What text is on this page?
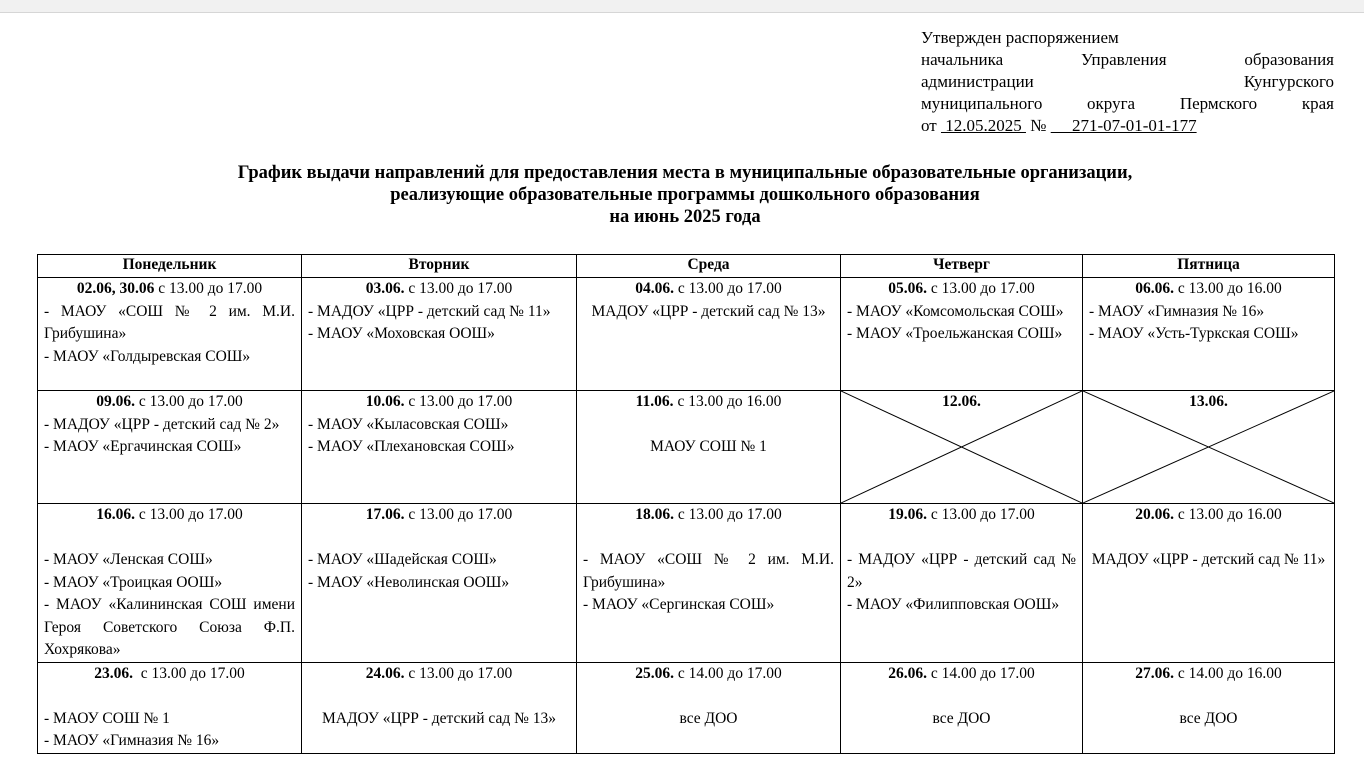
Утвержден распоряжением
начальника Управления образования
администрации Кунгурского
муниципального округа Пермского края
от  12.05.2025  №      271-07-01-01-177
График выдачи направлений для предоставления места в муниципальные образовательные организации,
реализующие образовательные программы дошкольного образования
на июнь 2025 года
Понедельник	Вторник	Среда	Четверг	Пятница

02.06, 30.06 с 13.00 до 17.00
- МАОУ «СОШ № 2 им. М.И. Грибушина»
- МАОУ «Голдыревская СОШ»	03.06. с 13.00 до 17.00
- МАДОУ «ЦРР - детский сад № 11»
- МАОУ «Моховская ООШ»	04.06. с 13.00 до 17.00
МАДОУ «ЦРР - детский сад № 13»	05.06. с 13.00 до 17.00
- МАОУ «Комсомольская СОШ»
- МАОУ «Троельжанская СОШ»	06.06. с 13.00 до 16.00
- МАОУ «Гимназия № 16»
- МАОУ «Усть-Туркская СОШ»

09.06. с 13.00 до 17.00
- МАДОУ «ЦРР - детский сад № 2»
- МАОУ «Ергачинская СОШ»	10.06. с 13.00 до 17.00
- МАОУ «Кыласовская СОШ»
- МАОУ «Плехановская СОШ»	11.06. с 13.00 до 16.00
МАОУ СОШ № 1	12.06.	13.06.

16.06. с 13.00 до 17.00
- МАОУ «Ленская СОШ»
- МАОУ «Троицкая ООШ»
- МАОУ «Калининская СОШ имени Героя Советского Союза Ф.П. Хохрякова»	17.06. с 13.00 до 17.00
- МАОУ «Шадейская СОШ»
- МАОУ «Неволинская ООШ»	18.06. с 13.00 до 17.00
- МАОУ «СОШ № 2 им. М.И. Грибушина»
- МАОУ «Сергинская СОШ»	19.06. с 13.00 до 17.00
- МАДОУ «ЦРР - детский сад № 2»
- МАОУ «Филипповская ООШ»	20.06. с 13.00 до 16.00
МАДОУ «ЦРР - детский сад № 11»

23.06.  с 13.00 до 17.00
- МАОУ СОШ № 1
- МАОУ «Гимназия № 16»	24.06. с 13.00 до 17.00
МАДОУ «ЦРР - детский сад № 13»	25.06. с 14.00 до 17.00
все ДОО	26.06. с 14.00 до 17.00
все ДОО	27.06. с 14.00 до 16.00
все ДОО
